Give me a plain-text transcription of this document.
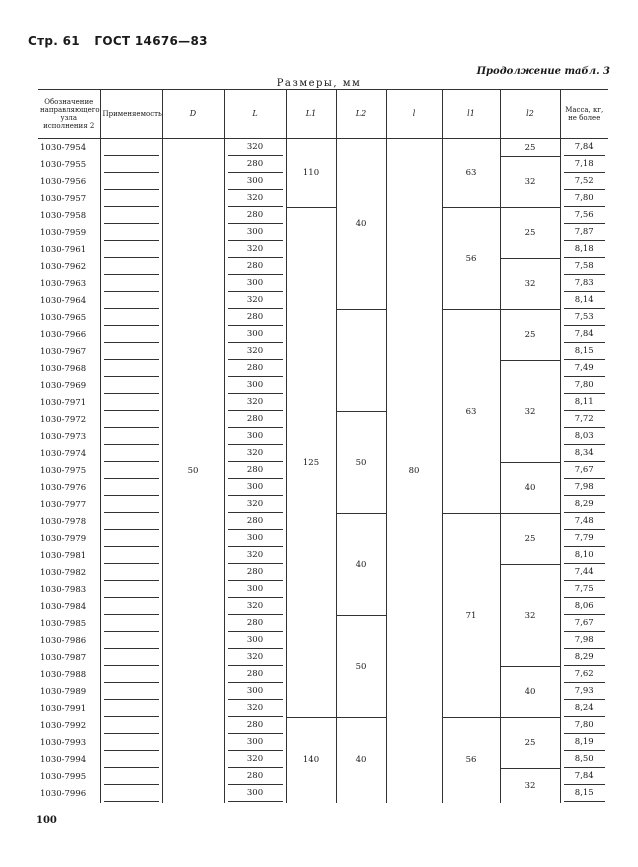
Стр. 61 ГОСТ 14676—83
Продолжение табл. 3
Размеры, мм
Обозначение направляющего узла исполнения 2	Применяемость	D	L	L1	L2	l	l1	l2	Масса, кг, не более
1030-7954		50	320	110	40	80	63	25	7,84

1030-7955			280					32	7,18

1030-7956			300						7,52

1030-7957			320						7,80

1030-7958			280	125			56	25	7,56

1030-7959			300						7,87

1030-7961			320						8,18

1030-7962			280					32	7,58

1030-7963			300						7,83

1030-7964			320						8,14

1030-7965			280				63	25	7,53

1030-7966			300						7,84

1030-7967			320						8,15

1030-7968			280					32	7,49

1030-7969			300						7,80

1030-7971			320						8,11

1030-7972			280		50				7,72

1030-7973			300						8,03

1030-7974			320						8,34

1030-7975			280					40	7,67

1030-7976			300						7,98

1030-7977			320						8,29

1030-7978			280		40		71	25	7,48

1030-7979			300						7,79

1030-7981			320						8,10

1030-7982			280					32	7,44

1030-7983			300						7,75

1030-7984			320						8,06

1030-7985			280		50				7,67

1030-7986			300						7,98

1030-7987			320						8,29

1030-7988			280					40	7,62

1030-7989			300						7,93

1030-7991			320						8,24

1030-7992			280	140	40		56	25	7,80

1030-7993			300						8,19

1030-7994			320						8,50

1030-7995			280					32	7,84

1030-7996			300						8,15
100
